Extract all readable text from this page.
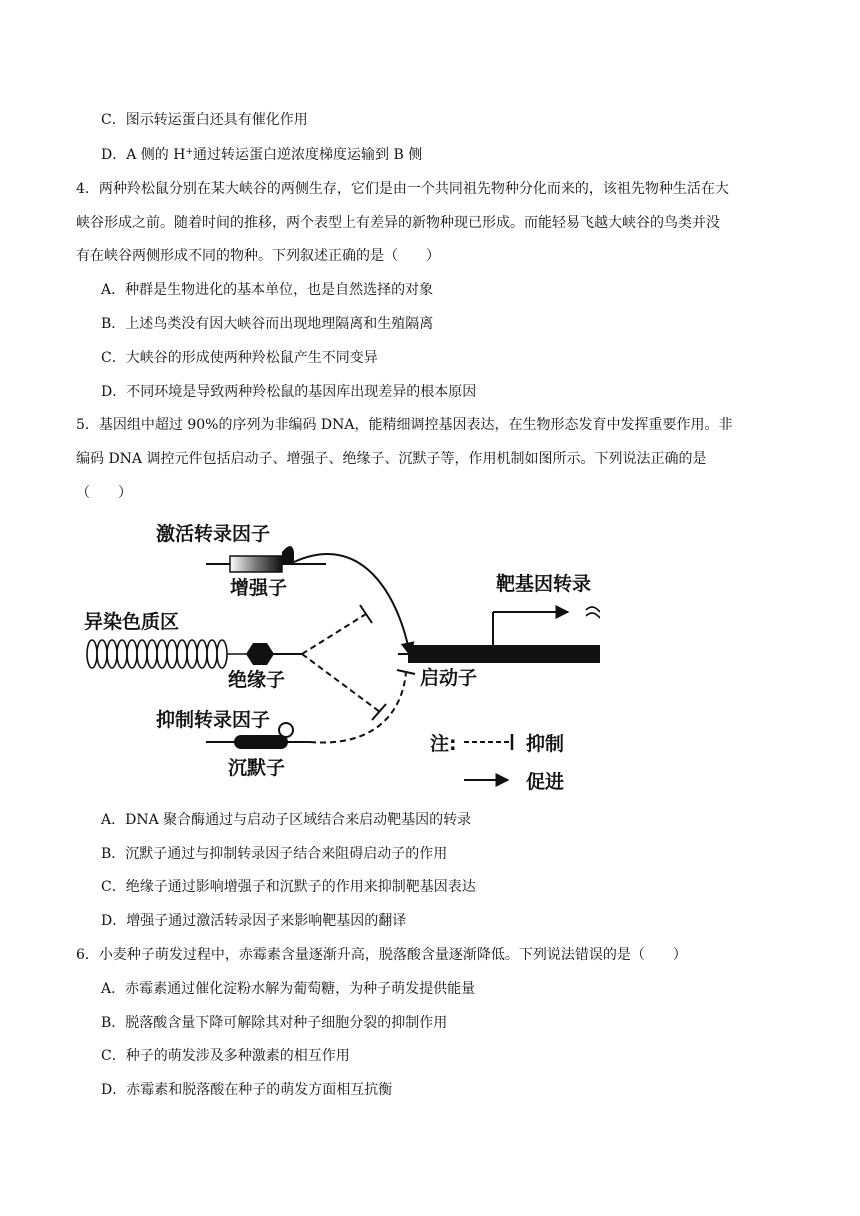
C．图示转运蛋白还具有催化作用
D．A 侧的 H+通过转运蛋白逆浓度梯度运输到 B 侧
4．两种羚松鼠分别在某大峡谷的两侧生存，它们是由一个共同祖先物种分化而来的，该祖先物种生活在大
峡谷形成之前。随着时间的推移，两个表型上有差异的新物种现已形成。而能轻易飞越大峡谷的鸟类并没
有在峡谷两侧形成不同的物种。下列叙述正确的是（　　）
A．种群是生物进化的基本单位，也是自然选择的对象
B．上述鸟类没有因大峡谷而出现地理隔离和生殖隔离
C．大峡谷的形成使两种羚松鼠产生不同变异
D．不同环境是导致两种羚松鼠的基因库出现差异的根本原因
5．基因组中超过 90%的序列为非编码 DNA，能精细调控基因表达，在生物形态发育中发挥重要作用。非
编码 DNA 调控元件包括启动子、增强子、绝缘子、沉默子等，作用机制如图所示。下列说法正确的是
（　　）
激活转录因子
增强子	靶基因转录
异染色质区
绝缘子	启动子
抑制转录因子
沉默子
注:	抑制
促进
A．DNA 聚合酶通过与启动子区域结合来启动靶基因的转录
B．沉默子通过与抑制转录因子结合来阻碍启动子的作用
C．绝缘子通过影响增强子和沉默子的作用来抑制靶基因表达
D．增强子通过激活转录因子来影响靶基因的翻译
6．小麦种子萌发过程中，赤霉素含量逐渐升高，脱落酸含量逐渐降低。下列说法错误的是（　　）
A．赤霉素通过催化淀粉水解为葡萄糖，为种子萌发提供能量
B．脱落酸含量下降可解除其对种子细胞分裂的抑制作用
C．种子的萌发涉及多种激素的相互作用
D．赤霉素和脱落酸在种子的萌发方面相互抗衡
